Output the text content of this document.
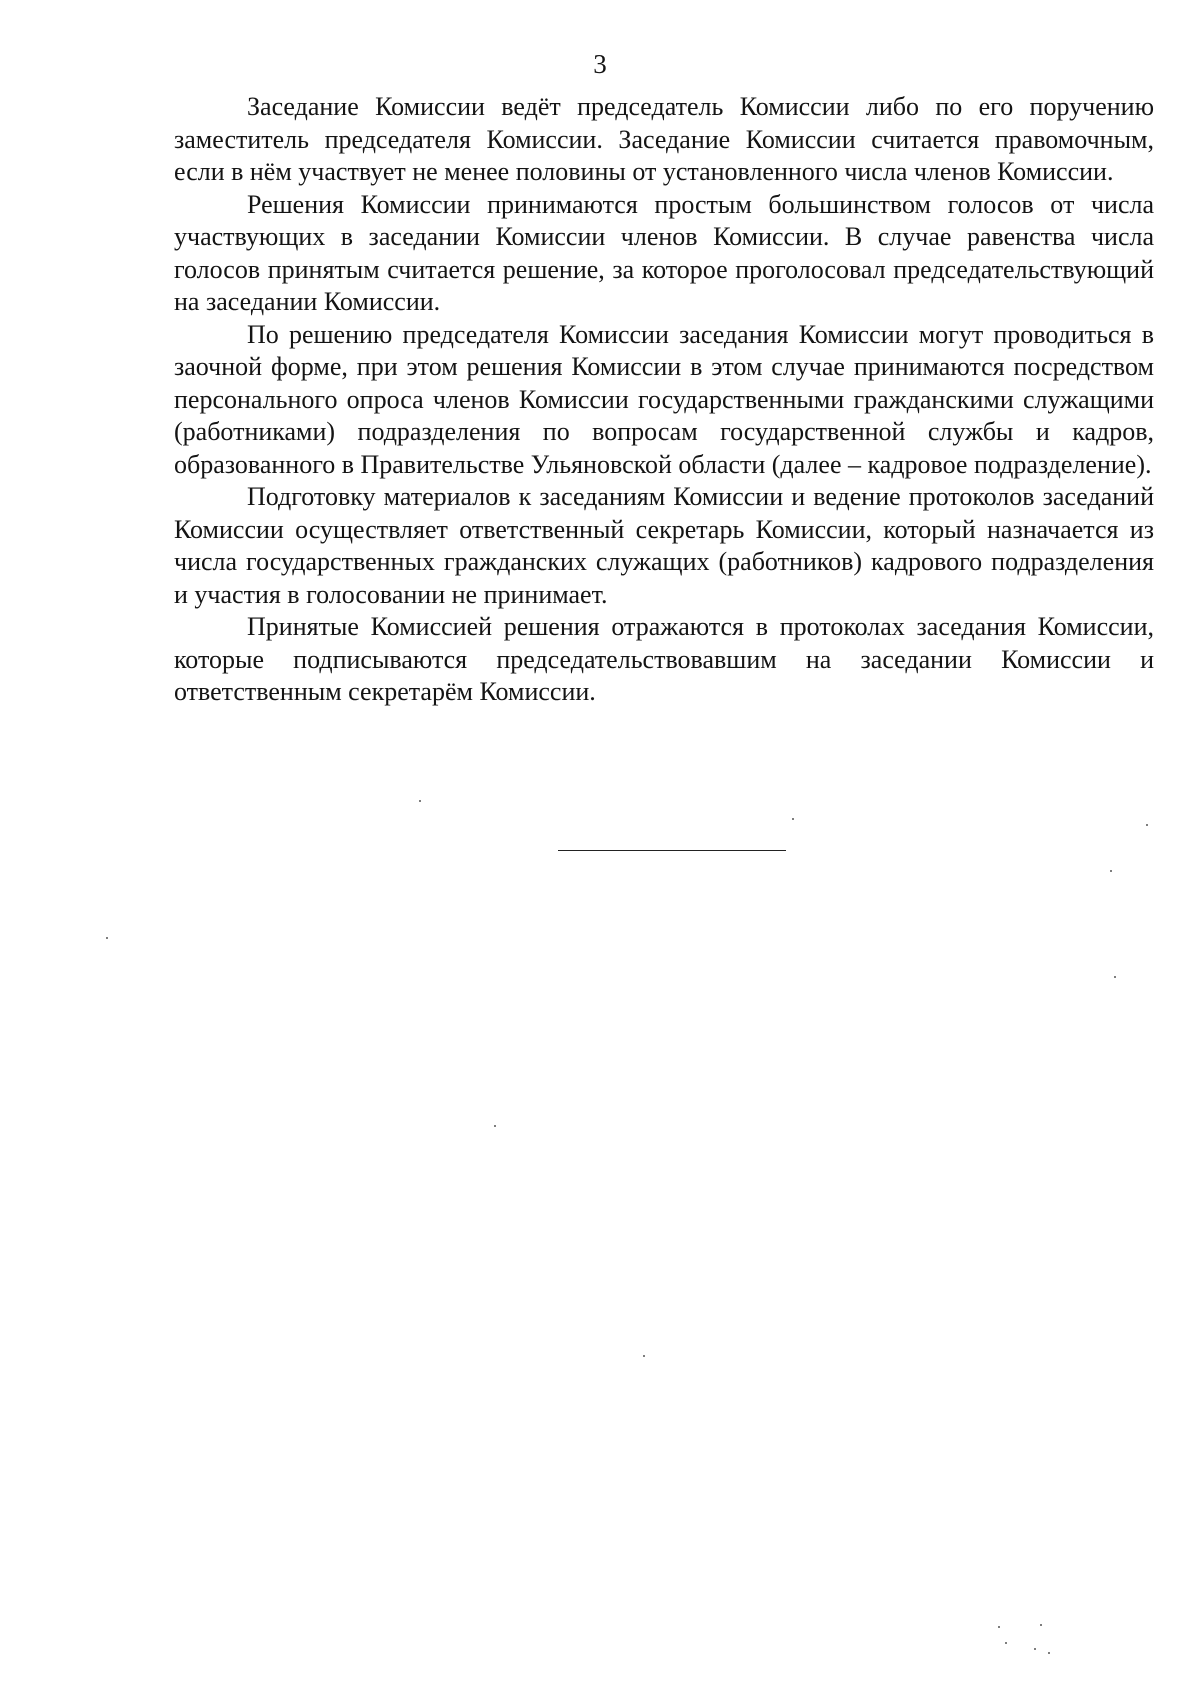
3

Заседание Комиссии ведёт председатель Комиссии либо по его поручению заместитель председателя Комиссии. Заседание Комиссии считается правомочным, если в нём участвует не менее половины от установленного числа членов Комиссии.

Решения Комиссии принимаются простым большинством голосов от числа участвующих в заседании Комиссии членов Комиссии. В случае равенства числа голосов принятым считается решение, за которое проголосовал председательствующий на заседании Комиссии.

По решению председателя Комиссии заседания Комиссии могут проводиться в заочной форме, при этом решения Комиссии в этом случае принимаются посредством персонального опроса членов Комиссии государственными гражданскими служащими (работниками) подразделения по вопросам государственной службы и кадров, образованного в Правительстве Ульяновской области (далее – кадровое подразделение).

Подготовку материалов к заседаниям Комиссии и ведение протоколов заседаний Комиссии осуществляет ответственный секретарь Комиссии, который назначается из числа государственных гражданских служащих (работников) кадрового подразделения и участия в голосовании не принимает.

Принятые Комиссией решения отражаются в протоколах заседания Комиссии, которые подписываются председательствовавшим на заседании Комиссии и ответственным секретарём Комиссии.
